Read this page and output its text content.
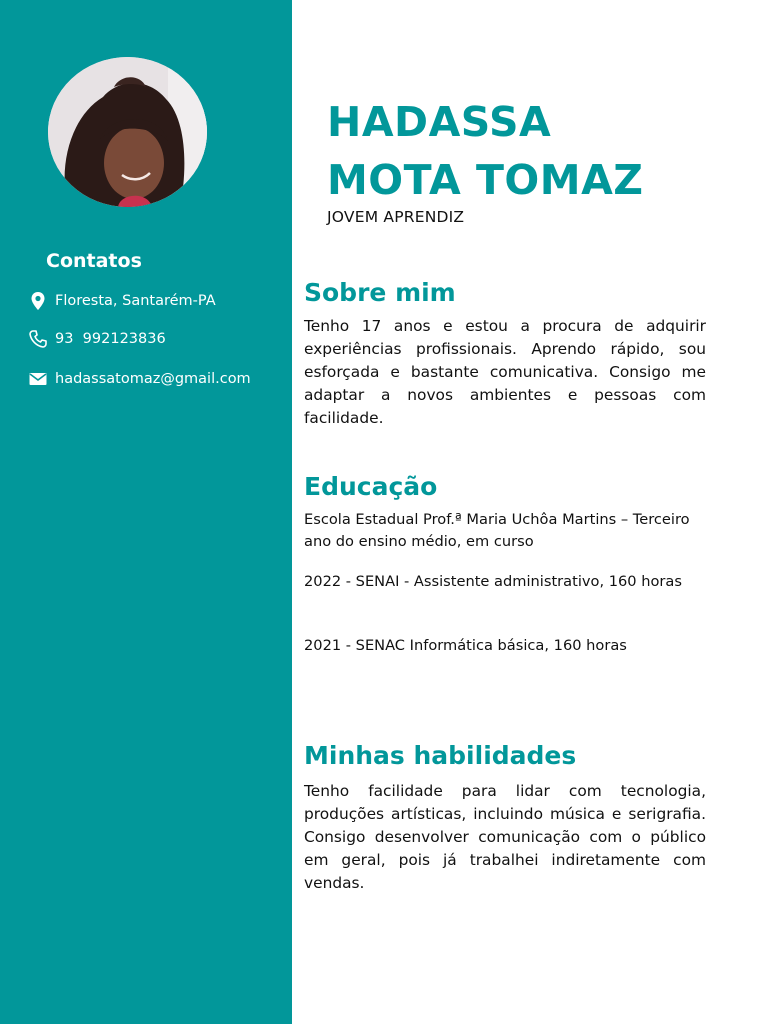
Contatos
Floresta, Santarém-PA
93  992123836
hadassatomaz@gmail.com
HADASSA
MOTA TOMAZ

JOVEM APRENDIZ

Sobre mim

Tenho 17 anos e estou a procura de adquirir experiências profissionais. Aprendo rápido, sou esforçada e bastante comunicativa. Consigo me adaptar a novos ambientes e pessoas com facilidade.

Educação

Escola Estadual Prof.ª Maria Uchôa Martins – Terceiro ano do ensino médio, em curso

2022 - SENAI - Assistente administrativo, 160 horas

2021 - SENAC Informática básica, 160 horas

Minhas habilidades

Tenho facilidade para lidar com tecnologia, produções artísticas, incluindo música e serigrafia. Consigo desenvolver comunicação com o público em geral, pois já trabalhei indiretamente com vendas.
